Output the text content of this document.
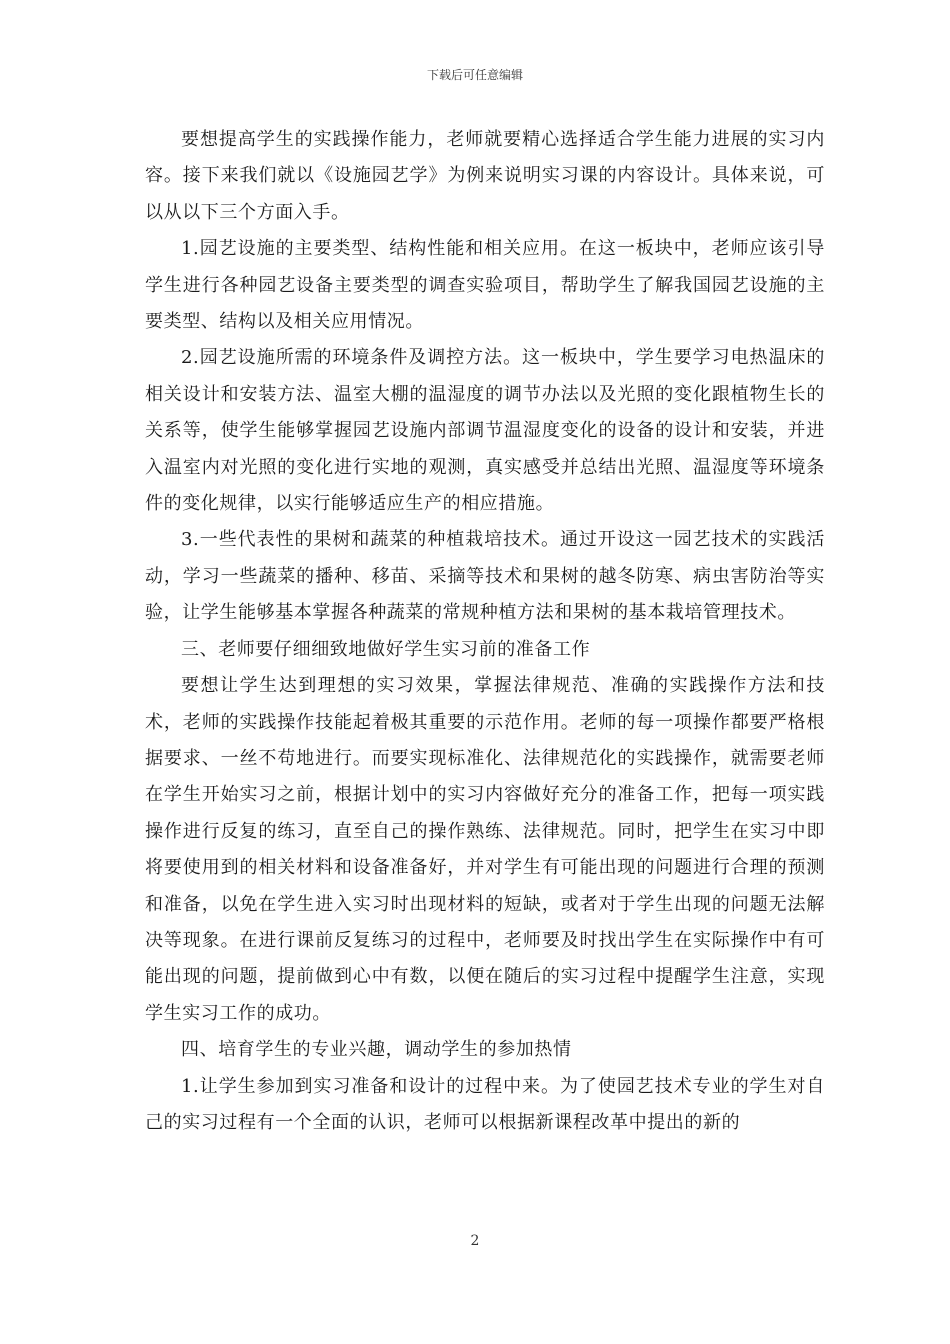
下载后可任意编辑

要想提高学生的实践操作能力，老师就要精心选择适合学生能力进展的实习内容。接下来我们就以《设施园艺学》为例来说明实习课的内容设计。具体来说，可以从以下三个方面入手。

1.园艺设施的主要类型、结构性能和相关应用。在这一板块中，老师应该引导学生进行各种园艺设备主要类型的调查实验项目，帮助学生了解我国园艺设施的主要类型、结构以及相关应用情况。

2.园艺设施所需的环境条件及调控方法。这一板块中，学生要学习电热温床的相关设计和安装方法、温室大棚的温湿度的调节办法以及光照的变化跟植物生长的关系等，使学生能够掌握园艺设施内部调节温湿度变化的设备的设计和安装，并进入温室内对光照的变化进行实地的观测，真实感受并总结出光照、温湿度等环境条件的变化规律，以实行能够适应生产的相应措施。

3.一些代表性的果树和蔬菜的种植栽培技术。通过开设这一园艺技术的实践活动，学习一些蔬菜的播种、移苗、采摘等技术和果树的越冬防寒、病虫害防治等实验，让学生能够基本掌握各种蔬菜的常规种植方法和果树的基本栽培管理技术。

三、老师要仔细细致地做好学生实习前的准备工作

要想让学生达到理想的实习效果，掌握法律规范、准确的实践操作方法和技术，老师的实践操作技能起着极其重要的示范作用。老师的每一项操作都要严格根据要求、一丝不苟地进行。而要实现标准化、法律规范化的实践操作，就需要老师在学生开始实习之前，根据计划中的实习内容做好充分的准备工作，把每一项实践操作进行反复的练习，直至自己的操作熟练、法律规范。同时，把学生在实习中即将要使用到的相关材料和设备准备好，并对学生有可能出现的问题进行合理的预测和准备，以免在学生进入实习时出现材料的短缺，或者对于学生出现的问题无法解决等现象。在进行课前反复练习的过程中，老师要及时找出学生在实际操作中有可能出现的问题，提前做到心中有数，以便在随后的实习过程中提醒学生注意，实现学生实习工作的成功。

四、培育学生的专业兴趣，调动学生的参加热情

1.让学生参加到实习准备和设计的过程中来。为了使园艺技术专业的学生对自己的实习过程有一个全面的认识，老师可以根据新课程改革中提出的新的

2
